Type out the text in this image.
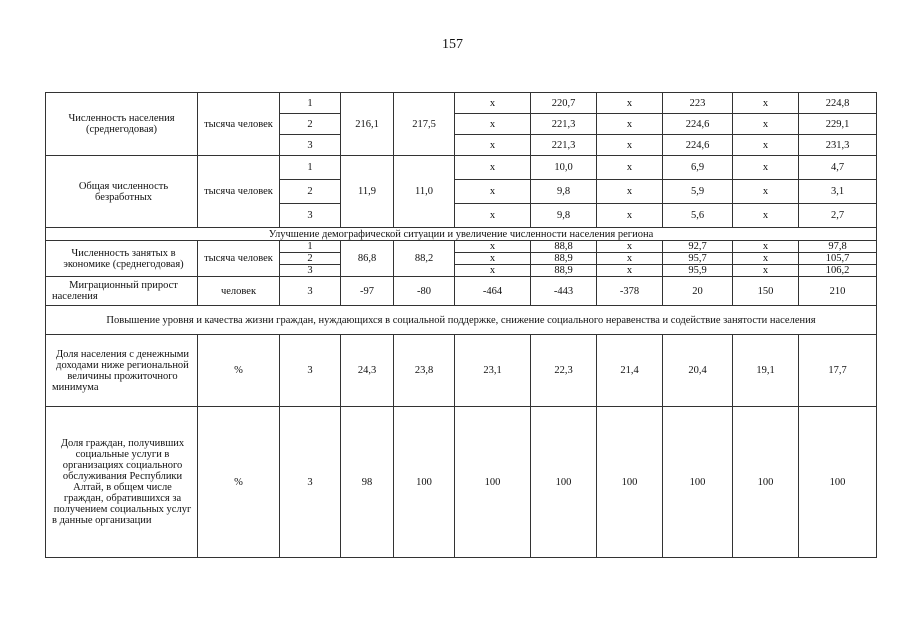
157
Численность населения (среднегодовая)	тысяча человек	1	216,1	217,5	х	220,7	х	223	х	224,8
		2			х	221,3	х	224,6	х	229,1
		3			х	221,3	х	224,6	х	231,3
Общая численность безработных	тысяча человек	1	11,9	11,0	х	10,0	х	6,9	х	4,7
		2			х	9,8	х	5,9	х	3,1
		3			х	9,8	х	5,6	х	2,7
Улучшение демографической ситуации и увеличение численности населения региона										
Численность занятых в экономике (среднегодовая)	тысяча человек	1	86,8	88,2	х	88,8	х	92,7	х	97,8
		2			х	88,9	х	95,7	х	105,7
		3			х	88,9	х	95,9	х	106,2
Миграционный прирост населения	человек	3	-97	-80	-464	-443	-378	20	150	210
Повышение уровня и качества жизни граждан, нуждающихся в социальной поддержке, снижение социального неравенства и содействие занятости населения										
Доля населения с денежными доходами ниже региональной величины прожиточного минимума	%	3	24,3	23,8	23,1	22,3	21,4	20,4	19,1	17,7
Доля граждан, получивших социальные услуги в организациях социального обслуживания Республики Алтай, в общем числе граждан, обратившихся за получением социальных услуг в данные организации	%	3	98	100	100	100	100	100	100	100
